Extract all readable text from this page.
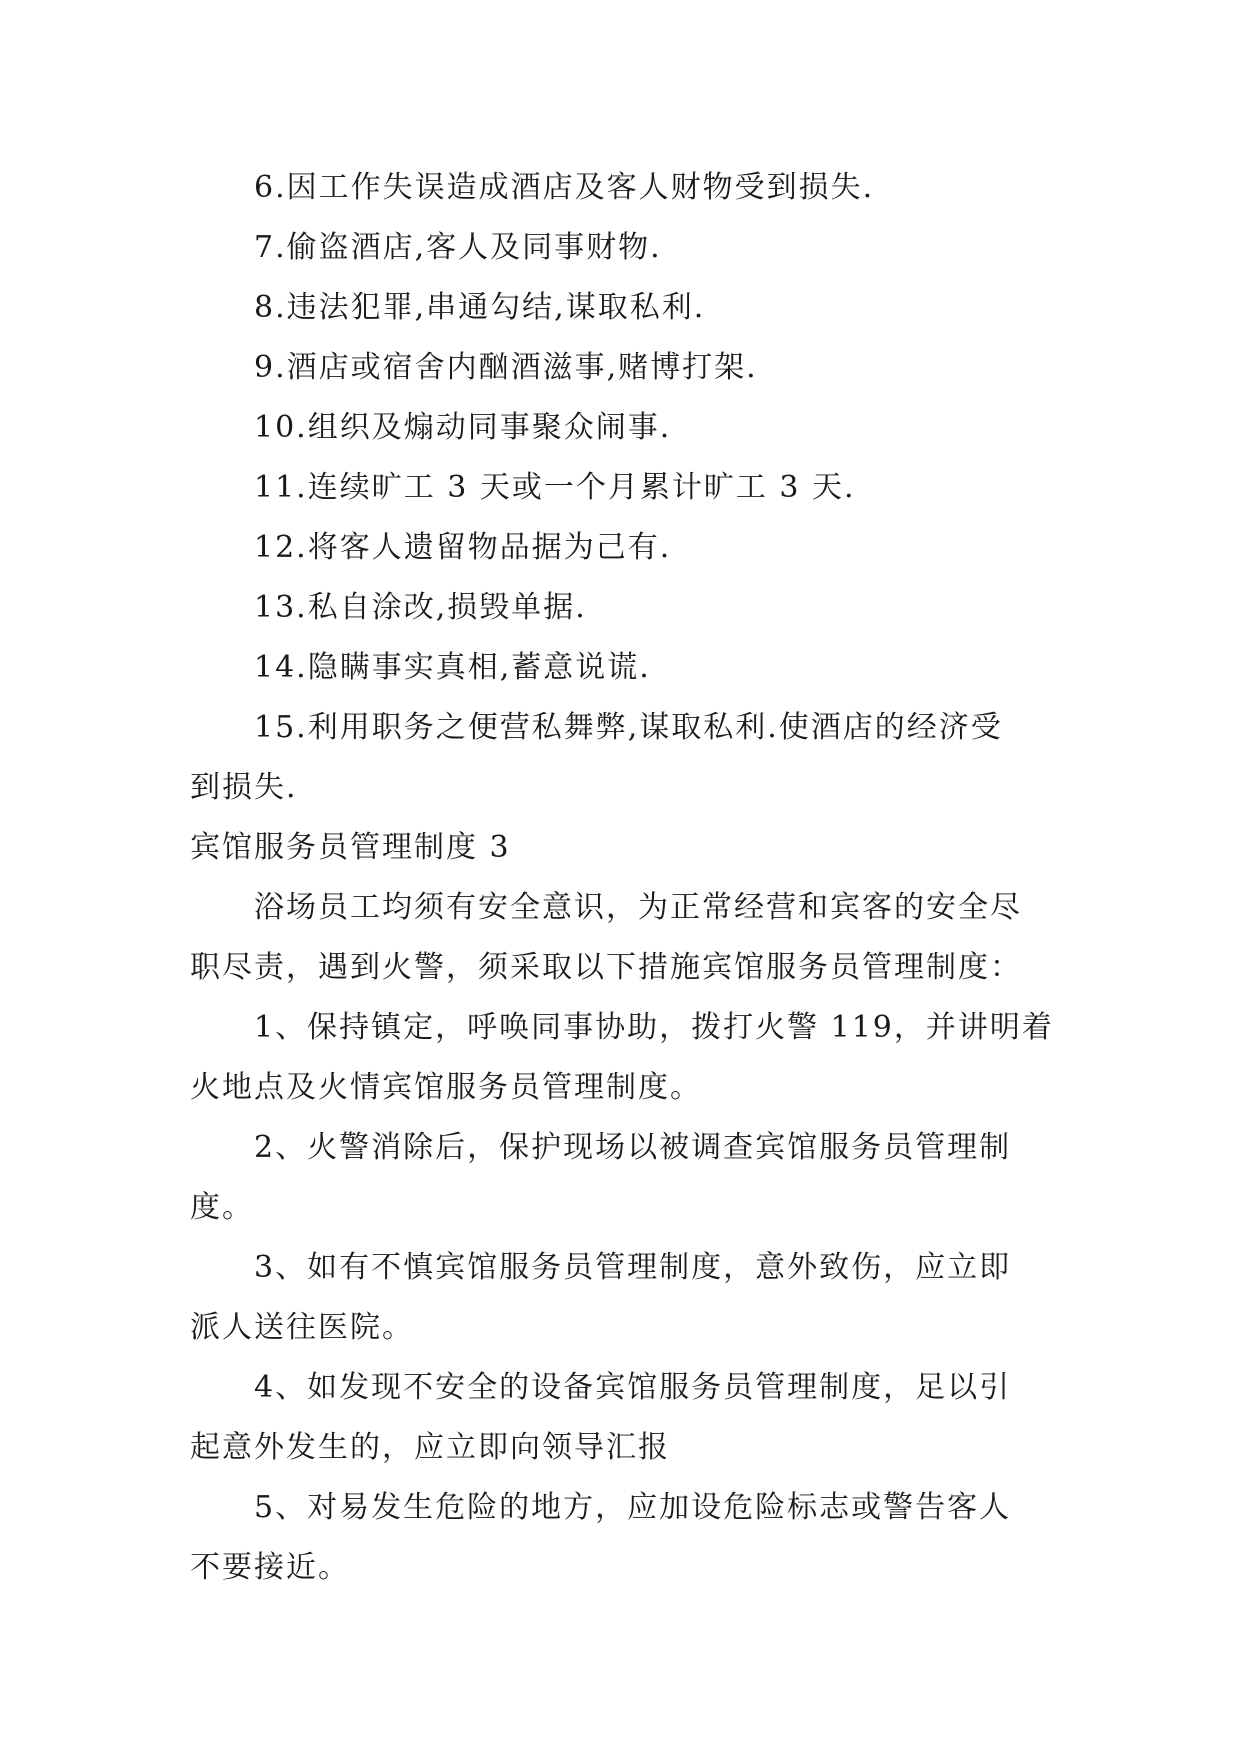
6.因工作失误造成酒店及客人财物受到损失.
7.偷盗酒店,客人及同事财物.
8.违法犯罪,串通勾结,谋取私利.
9.酒店或宿舍内酗酒滋事,赌博打架.
10.组织及煽动同事聚众闹事.
11.连续旷工 3 天或一个月累计旷工 3 天.
12.将客人遗留物品据为己有.
13.私自涂改,损毁单据.
14.隐瞒事实真相,蓄意说谎.
15.利用职务之便营私舞弊,谋取私利.使酒店的经济受
到损失.
宾馆服务员管理制度 3
浴场员工均须有安全意识，为正常经营和宾客的安全尽
职尽责，遇到火警，须采取以下措施宾馆服务员管理制度：
1、保持镇定，呼唤同事协助，拨打火警 119，并讲明着
火地点及火情宾馆服务员管理制度。
2、火警消除后，保护现场以被调查宾馆服务员管理制
度。
3、如有不慎宾馆服务员管理制度，意外致伤，应立即
派人送往医院。
4、如发现不安全的设备宾馆服务员管理制度，足以引
起意外发生的，应立即向领导汇报
5、对易发生危险的地方，应加设危险标志或警告客人
不要接近。
